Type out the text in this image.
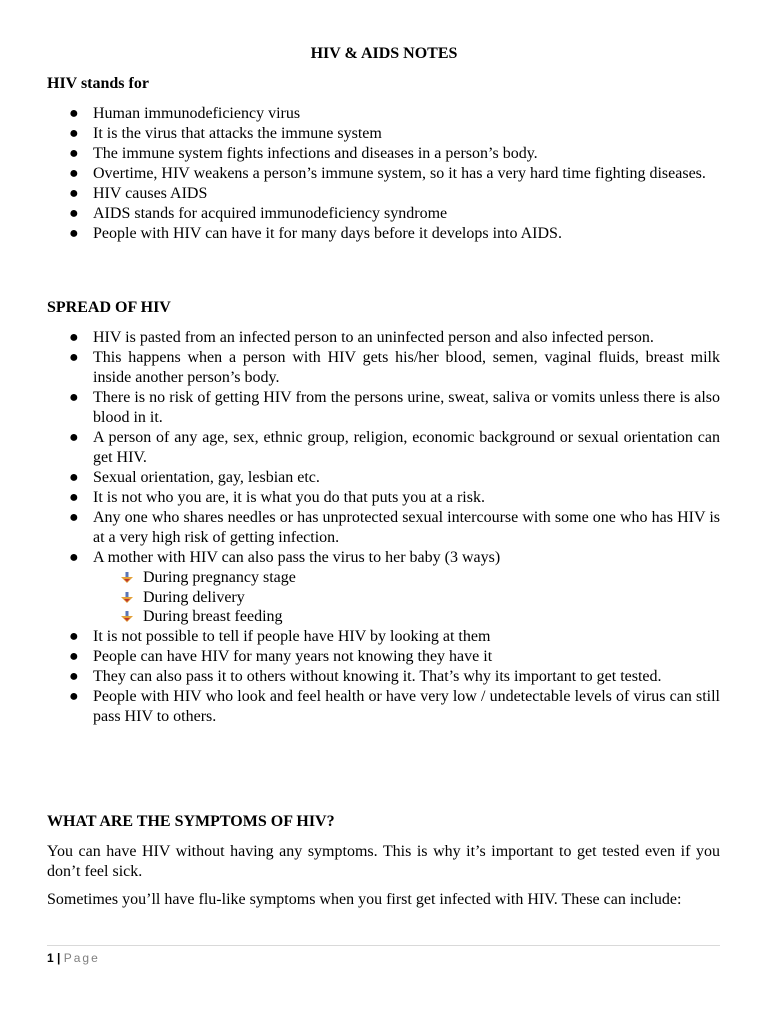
HIV & AIDS NOTES
HIV stands for
● Human immunodeficiency virus
● It is the virus that attacks the immune system
● The immune system fights infections and diseases in a person’s body.
● Overtime, HIV weakens a person’s immune system, so it has a very hard time fighting diseases.
● HIV causes AIDS
● AIDS stands for acquired immunodeficiency syndrome
● People with HIV can have it for many days before it develops into AIDS.
SPREAD OF HIV
● HIV is pasted from an infected person to an uninfected person and also infected person.
● This happens when a person with HIV gets his/her blood, semen, vaginal fluids, breast milk inside another person’s body.
● There is no risk of getting HIV from the persons urine, sweat, saliva or vomits unless there is also blood in it.
● A person of any age, sex, ethnic group, religion, economic background or sexual orientation can get HIV.
● Sexual orientation, gay, lesbian etc.
● It is not who you are, it is what you do that puts you at a risk.
● Any one who shares needles or has unprotected sexual intercourse with some one who has HIV is at a very high risk of getting infection.
● A mother with HIV can also pass the virus to her baby (3 ways)
During pregnancy stage
During delivery
During breast feeding
● It is not possible to tell if people have HIV by looking at them
● People can have HIV for many years not knowing they have it
● They can also pass it to others without knowing it. That’s why its important to get tested.
● People with HIV who look and feel health or have very low / undetectable levels of virus can still pass HIV to others.
WHAT ARE THE SYMPTOMS OF HIV?

You can have HIV without having any symptoms. This is why it’s important to get tested even if you don’t feel sick.

Sometimes you’ll have flu-like symptoms when you first get infected with HIV. These can include:

1 | Page
